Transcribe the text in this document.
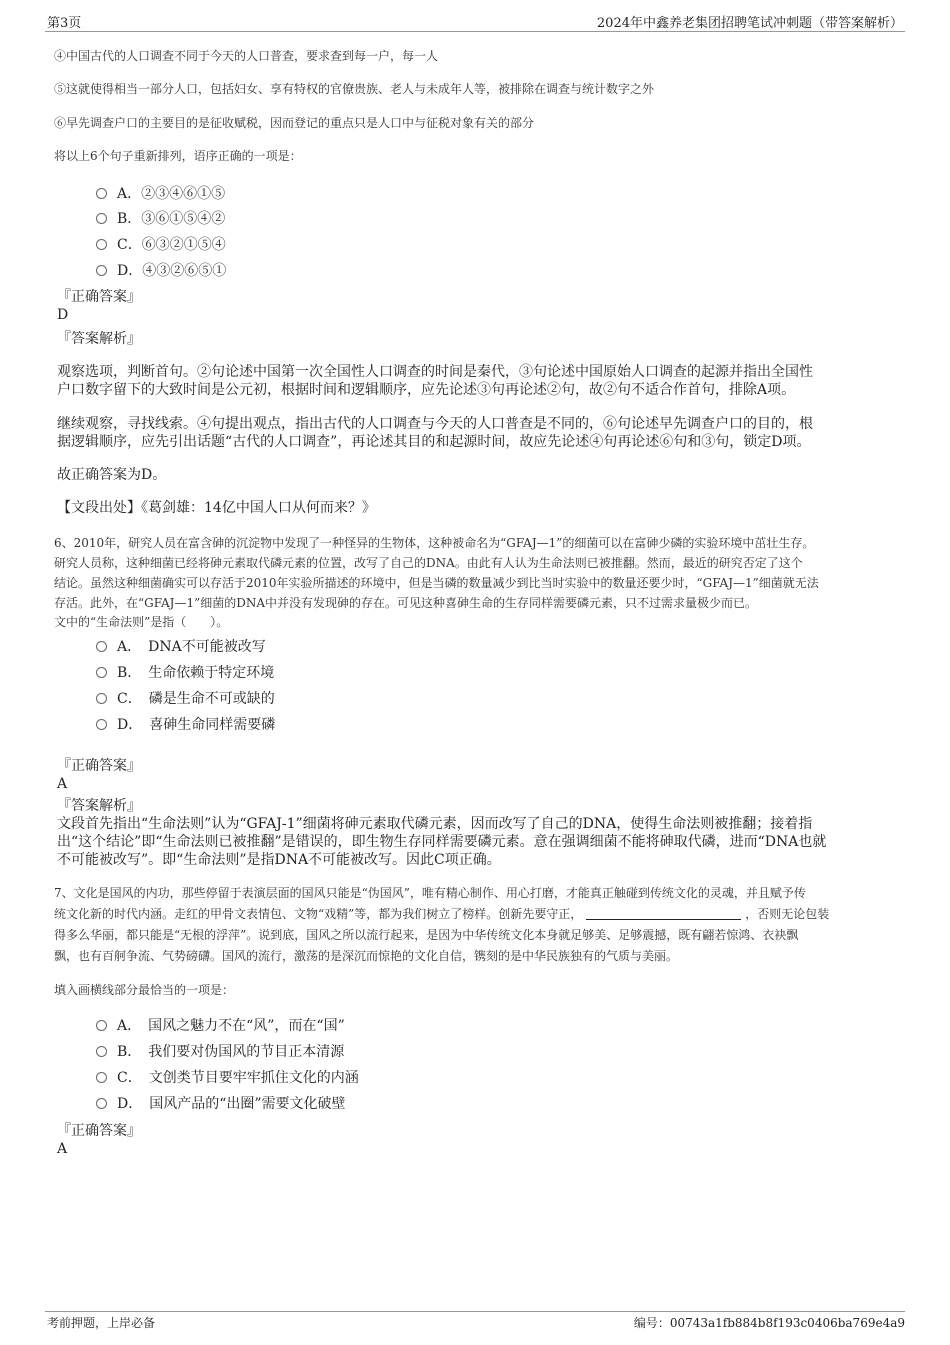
第3页	2024年中鑫养老集团招聘笔试冲刺题（带答案解析）
④中国古代的人口调查不同于今天的人口普查，要求查到每一户，每一人
⑤这就使得相当一部分人口，包括妇女、享有特权的官僚贵族、老人与未成年人等，被排除在调查与统计数字之外
⑥早先调查户口的主要目的是征收赋税，因而登记的重点只是人口中与征税对象有关的部分
将以上6个句子重新排列，语序正确的一项是：
A．②③④⑥①⑤
B．③⑥①⑤④②
C．⑥③②①⑤④
D．④③②⑥⑤①
『正确答案』
D
『答案解析』
观察选项，判断首句。②句论述中国第一次全国性人口调查的时间是秦代，③句论述中国原始人口调查的起源并指出全国性
户口数字留下的大致时间是公元初，根据时间和逻辑顺序，应先论述③句再论述②句，故②句不适合作首句，排除A项。
继续观察，寻找线索。④句提出观点，指出古代的人口调查与今天的人口普查是不同的，⑥句论述早先调查户口的目的，根
据逻辑顺序，应先引出话题“古代的人口调查”，再论述其目的和起源时间，故应先论述④句再论述⑥句和③句，锁定D项。
故正确答案为D。
【文段出处】《葛剑雄：14亿中国人口从何而来？》
6、2010年，研究人员在富含砷的沉淀物中发现了一种怪异的生物体，这种被命名为“GFAJ—1”的细菌可以在富砷少磷的实验环境中茁壮生存。
研究人员称，这种细菌已经将砷元素取代磷元素的位置，改写了自己的DNA。由此有人认为生命法则已被推翻。然而，最近的研究否定了这个
结论。虽然这种细菌确实可以存活于2010年实验所描述的环境中，但是当磷的数量减少到比当时实验中的数量还要少时，“GFAJ—1”细菌就无法
存活。此外，在“GFAJ—1”细菌的DNA中并没有发现砷的存在。可见这种喜砷生命的生存同样需要磷元素，只不过需求量极少而已。
文中的“生命法则”是指（　　）。
A．　DNA不可能被改写
B．　生命依赖于特定环境
C．　磷是生命不可或缺的
D．　喜砷生命同样需要磷
『正确答案』
A
『答案解析』
文段首先指出“生命法则”认为“GFAJ-1”细菌将砷元素取代磷元素，因而改写了自己的DNA，使得生命法则被推翻；接着指
出“这个结论”即“生命法则已被推翻”是错误的，即生物生存同样需要磷元素。意在强调细菌不能将砷取代磷，进而“DNA也就
不可能被改写”。即“生命法则”是指DNA不可能被改写。因此C项正确。
7、文化是国风的内功，那些停留于表演层面的国风只能是“伪国风”，唯有精心制作、用心打磨，才能真正触碰到传统文化的灵魂，并且赋予传
统文化新的时代内涵。走红的甲骨文表情包、文物“戏精”等，都为我们树立了榜样。创新先要守正，	，否则无论包装
得多么华丽，都只能是“无根的浮萍”。说到底，国风之所以流行起来，是因为中华传统文化本身就足够美、足够震撼，既有翩若惊鸿、衣袂飘
飘，也有百舸争流、气势磅礴。国风的流行，激荡的是深沉而惊艳的文化自信，镌刻的是中华民族独有的气质与美丽。
填入画横线部分最恰当的一项是：
A．　国风之魅力不在“风”，而在“国”
B．　我们要对伪国风的节目正本清源
C．　文创类节目要牢牢抓住文化的内涵
D．　国风产品的“出圈”需要文化破壁
『正确答案』
A
考前押题，上岸必备	编号：00743a1fb884b8f193c0406ba769e4a9
